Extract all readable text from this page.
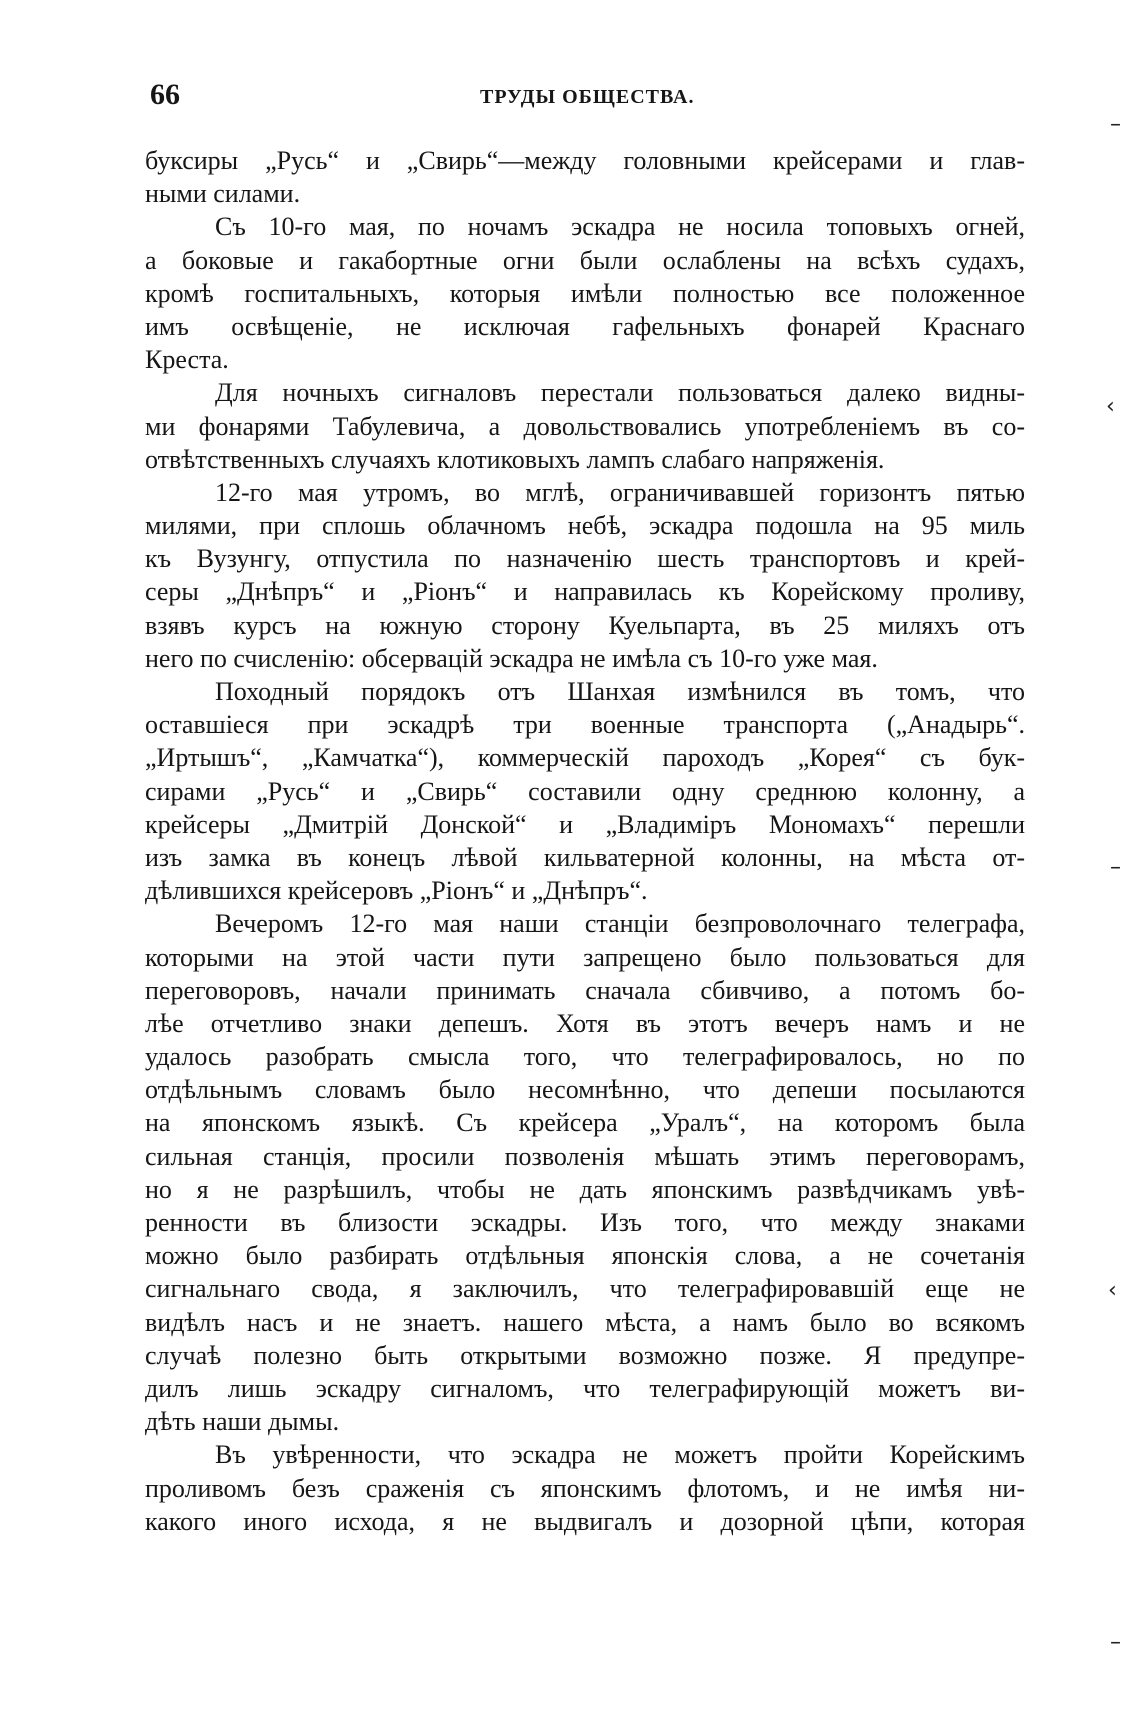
66	ТРУДЫ ОБЩЕСТВА.
буксиры „Русь“ и „Свирь“—между головными крейсерами и глав-
ными силами.
Съ 10-го мая, по ночамъ эскадра не носила топовыхъ огней,
а боковые и гакабортные огни были ослаблены на всѣхъ судахъ,
кромѣ госпитальныхъ, которыя имѣли полностью все положенное
имъ освѣщеніе, не исключая гафельныхъ фонарей Краснаго
Креста.
Для ночныхъ сигналовъ перестали пользоваться далеко видны-
ми фонарями Табулевича, а довольствовались употребленіемъ въ со-
отвѣтственныхъ случаяхъ клотиковыхъ лампъ слабаго напряженія.
12-го мая утромъ, во мглѣ, ограничивавшей горизонтъ пятью
милями, при сплошь облачномъ небѣ, эскадра подошла на 95 миль
къ Вузунгу, отпустила по назначенію шесть транспортовъ и крей-
серы „Днѣпръ“ и „Ріонъ“ и направилась къ Корейскому проливу,
взявъ курсъ на южную сторону Куельпарта, въ 25 миляхъ отъ
него по счисленію: обсервацій эскадра не имѣла съ 10-го уже мая.
Походный порядокъ отъ Шанхая измѣнился въ томъ, что
оставшіеся при эскадрѣ три военные транспорта („Анадырь“.
„Иртышъ“, „Камчатка“), коммерческій пароходъ „Корея“ съ бук-
сирами „Русь“ и „Свирь“ составили одну среднюю колонну, а
крейсеры „Дмитрій Донской“ и „Владиміръ Мономахъ“ перешли
изъ замка въ конецъ лѣвой кильватерной колонны, на мѣста от-
дѣлившихся крейсеровъ „Ріонъ“ и „Днѣпръ“.
Вечеромъ 12-го мая наши станціи безпроволочнаго телеграфа,
которыми на этой части пути запрещено было пользоваться для
переговоровъ, начали принимать сначала сбивчиво, а потомъ бо-
лѣе отчетливо знаки депешъ. Хотя въ этотъ вечеръ намъ и не
удалось разобрать смысла того, что телеграфировалось, но по
отдѣльнымъ словамъ было несомнѣнно, что депеши посылаются
на японскомъ языкѣ. Съ крейсера „Уралъ“, на которомъ была
сильная станція, просили позволенія мѣшать этимъ переговорамъ,
но я не разрѣшилъ, чтобы не дать японскимъ развѣдчикамъ увѣ-
ренности въ близости эскадры. Изъ того, что между знаками
можно было разбирать отдѣльныя японскія слова, а не сочетанія
сигнальнаго свода, я заключилъ, что телеграфировавшій еще не
видѣлъ насъ и не знаетъ. нашего мѣста, а намъ было во всякомъ
случаѣ полезно быть открытыми возможно позже. Я предупре-
дилъ лишь эскадру сигналомъ, что телеграфирующій можетъ ви-
дѣть наши дымы.
Въ увѣренности, что эскадра не можетъ пройти Корейскимъ
проливомъ безъ сраженія съ японскимъ флотомъ, и не имѣя ни-
какого иного исхода, я не выдвигалъ и дозорной цѣпи, которая
–
‹
–
‹
–
